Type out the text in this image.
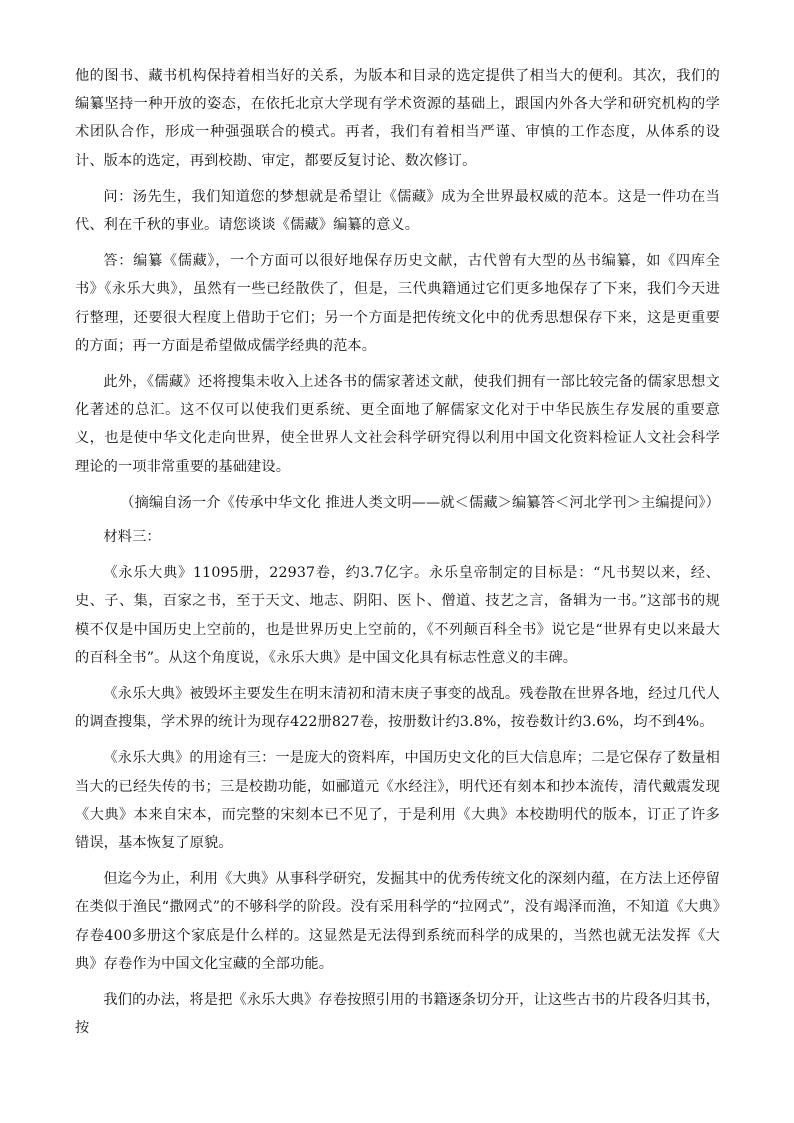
他的图书、藏书机构保持着相当好的关系，为版本和目录的选定提供了相当大的便利。其次，我们的编纂坚持一种开放的姿态，在依托北京大学现有学术资源的基础上，跟国内外各大学和研究机构的学术团队合作，形成一种强强联合的模式。再者，我们有着相当严谨、审慎的工作态度，从体系的设计、版本的选定，再到校勘、审定，都要反复讨论、数次修订。

问：汤先生，我们知道您的梦想就是希望让《儒藏》成为全世界最权威的范本。这是一件功在当代、利在千秋的事业。请您谈谈《儒藏》编纂的意义。

答：编纂《儒藏》，一个方面可以很好地保存历史文献，古代曾有大型的丛书编纂，如《四库全书》《永乐大典》，虽然有一些已经散佚了，但是，三代典籍通过它们更多地保存了下来，我们今天进行整理，还要很大程度上借助于它们；另一个方面是把传统文化中的优秀思想保存下来，这是更重要的方面；再一方面是希望做成儒学经典的范本。

此外，《儒藏》还将搜集未收入上述各书的儒家著述文献，使我们拥有一部比较完备的儒家思想文化著述的总汇。这不仅可以使我们更系统、更全面地了解儒家文化对于中华民族生存发展的重要意义，也是使中华文化走向世界，使全世界人文社会科学研究得以利用中国文化资料检证人文社会科学理论的一项非常重要的基础建设。

（摘编自汤一介《传承中华文化 推进人类文明——就＜儒藏＞编纂答＜河北学刊＞主编提问》）

材料三：

《永乐大典》11095册，22937卷，约3.7亿字。永乐皇帝制定的目标是：“凡书契以来，经、史、子、集，百家之书，至于天文、地志、阴阳、医卜、僧道、技艺之言，备辑为一书。”这部书的规模不仅是中国历史上空前的，也是世界历史上空前的，《不列颠百科全书》说它是“世界有史以来最大的百科全书”。从这个角度说，《永乐大典》是中国文化具有标志性意义的丰碑。

《永乐大典》被毁坏主要发生在明末清初和清末庚子事变的战乱。残卷散在世界各地，经过几代人的调查搜集，学术界的统计为现存422册827卷，按册数计约3.8%，按卷数计约3.6%，均不到4%。

《永乐大典》的用途有三：一是庞大的资料库，中国历史文化的巨大信息库；二是它保存了数量相当大的已经失传的书；三是校勘功能，如郦道元《水经注》，明代还有刻本和抄本流传，清代戴震发现《大典》本来自宋本，而完整的宋刻本已不见了，于是利用《大典》本校勘明代的版本，订正了许多错误，基本恢复了原貌。

但迄今为止，利用《大典》从事科学研究，发掘其中的优秀传统文化的深刻内蕴，在方法上还停留在类似于渔民“撒网式”的不够科学的阶段。没有采用科学的“拉网式”，没有竭泽而渔，不知道《大典》存卷400多册这个家底是什么样的。这显然是无法得到系统而科学的成果的，当然也就无法发挥《大典》存卷作为中国文化宝藏的全部功能。

我们的办法，将是把《永乐大典》存卷按照引用的书籍逐条切分开，让这些古书的片段各归其书，按
